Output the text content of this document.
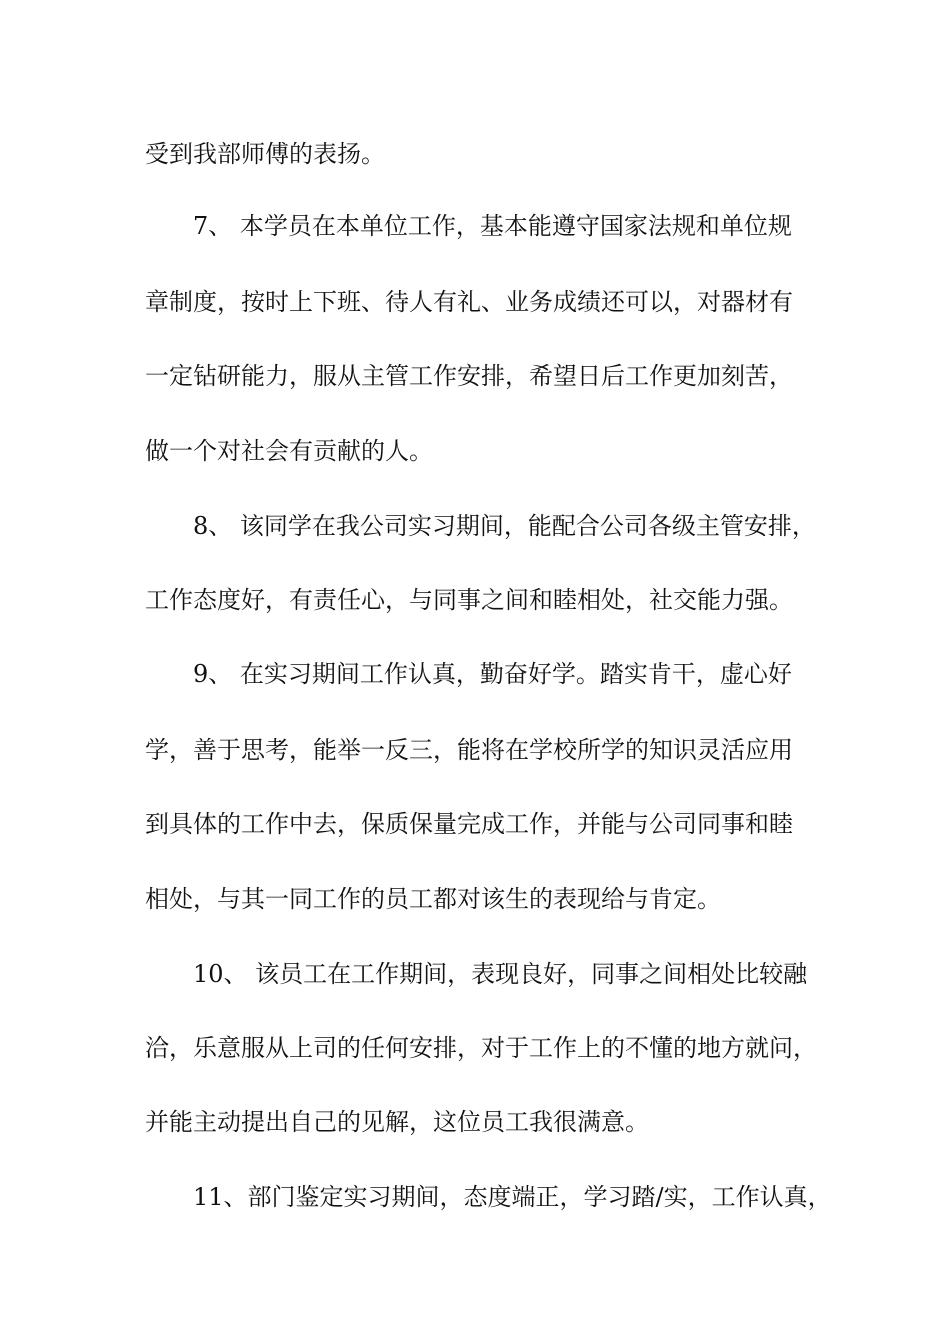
受到我部师傅的表扬。
7、 本学员在本单位工作，基本能遵守国家法规和单位规
章制度，按时上下班、待人有礼、业务成绩还可以，对器材有
一定钻研能力，服从主管工作安排，希望日后工作更加刻苦，
做一个对社会有贡献的人。
8、 该同学在我公司实习期间，能配合公司各级主管安排，
工作态度好，有责任心，与同事之间和睦相处，社交能力强。
9、 在实习期间工作认真，勤奋好学。踏实肯干，虚心好
学，善于思考，能举一反三，能将在学校所学的知识灵活应用
到具体的工作中去，保质保量完成工作，并能与公司同事和睦
相处，与其一同工作的员工都对该生的表现给与肯定。
10、 该员工在工作期间，表现良好，同事之间相处比较融
洽，乐意服从上司的任何安排，对于工作上的不懂的地方就问，
并能主动提出自己的见解，这位员工我很满意。
11、部门鉴定实习期间，态度端正，学习踏/实，工作认真，
